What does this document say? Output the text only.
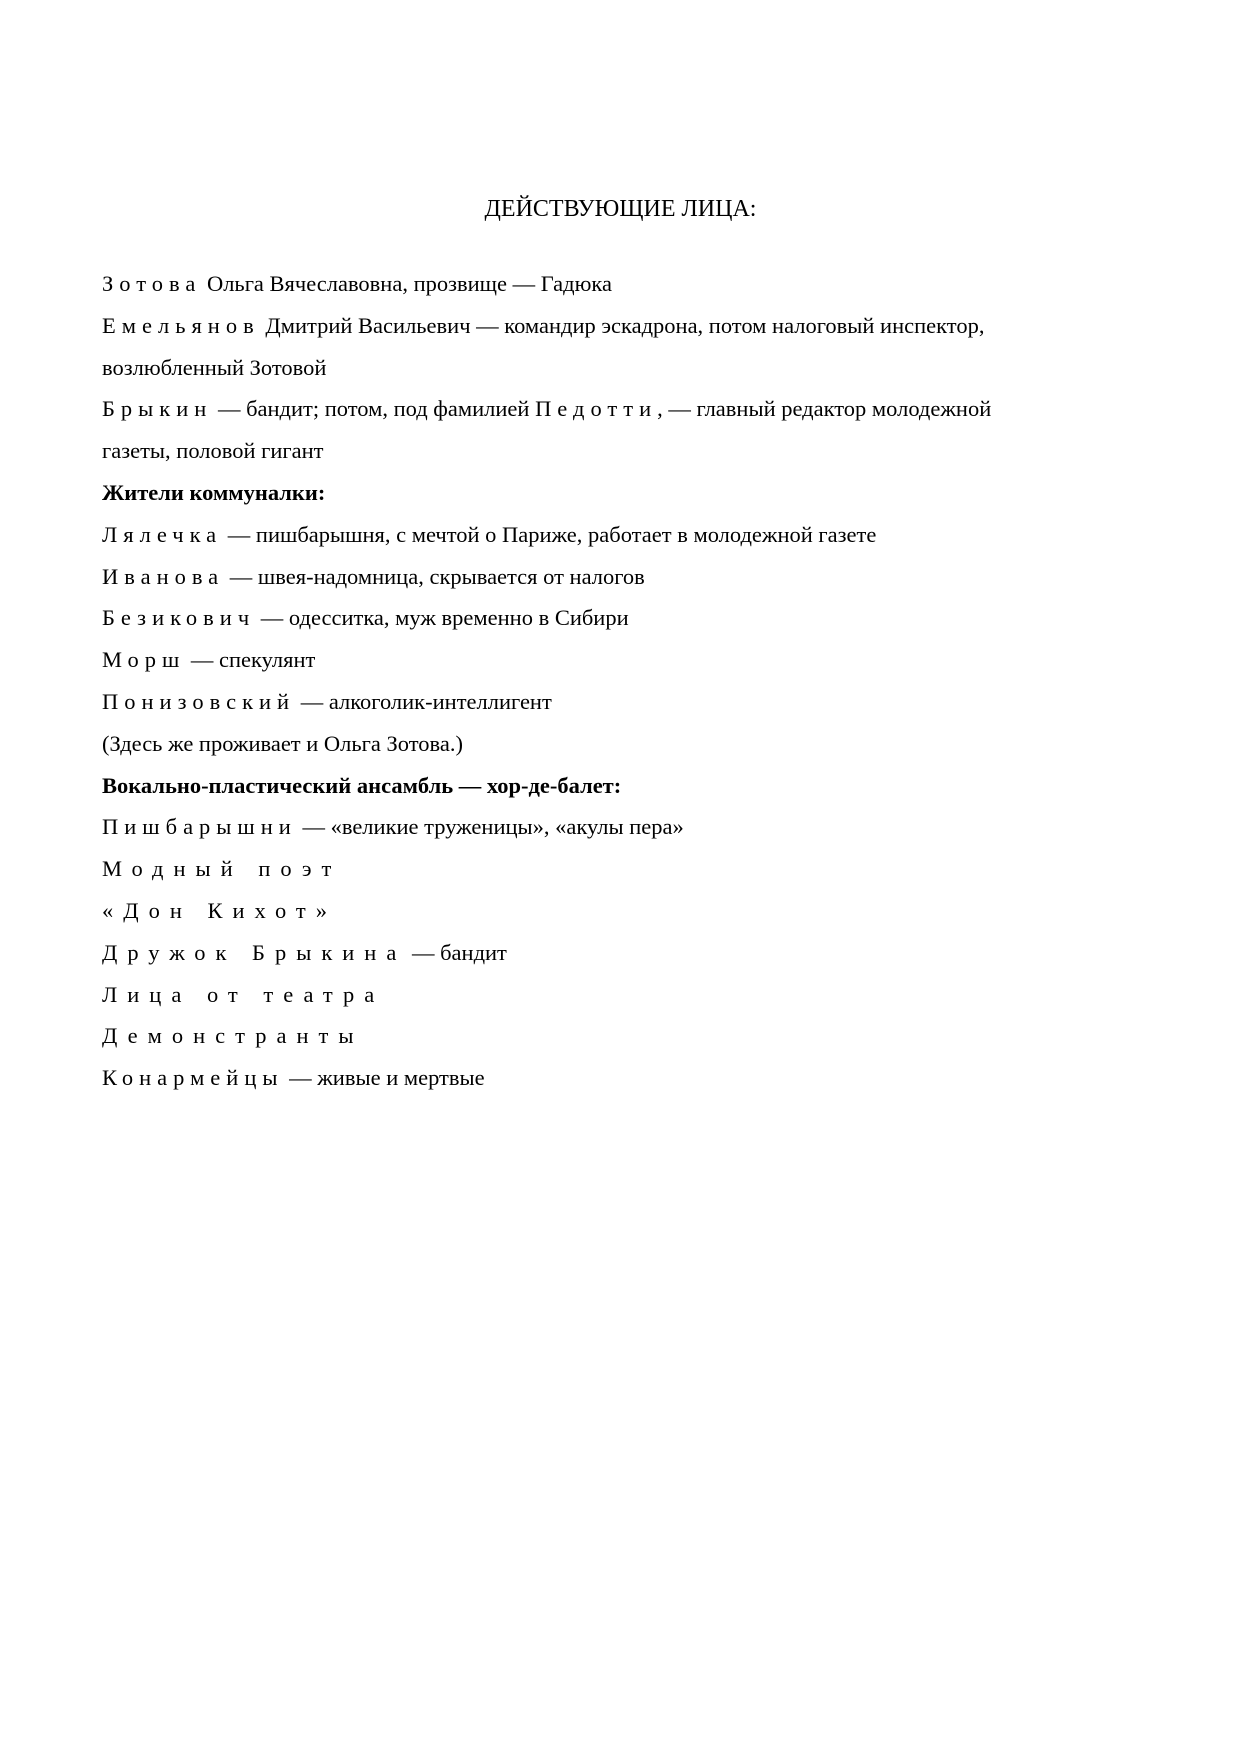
ДЕЙСТВУЮЩИЕ ЛИЦА:

Зотова Ольга Вячеславовна, прозвище — Гадюка

Емельянов Дмитрий Васильевич — командир эскадрона, потом налоговый инспектор,

возлюбленный Зотовой

Брыкин — бандит; потом, под фамилией Педотти, — главный редактор молодежной

газеты, половой гигант

Жители коммуналки:

Лялечка — пишбарышня, с мечтой о Париже, работает в молодежной газете

Иванова — швея-надомница, скрывается от налогов

Безикович — одесситка, муж временно в Сибири

Морш — спекулянт

Понизовский — алкоголик-интеллигент

(Здесь же проживает и Ольга Зотова.)

Вокально-пластический ансамбль — хор-де-балет:

Пишбарышни — «великие труженицы», «акулы пера»

Модный поэт

«Дон Кихот»

Дружок Брыкина — бандит

Лица от театра

Демонстранты

Конармейцы — живые и мертвые
